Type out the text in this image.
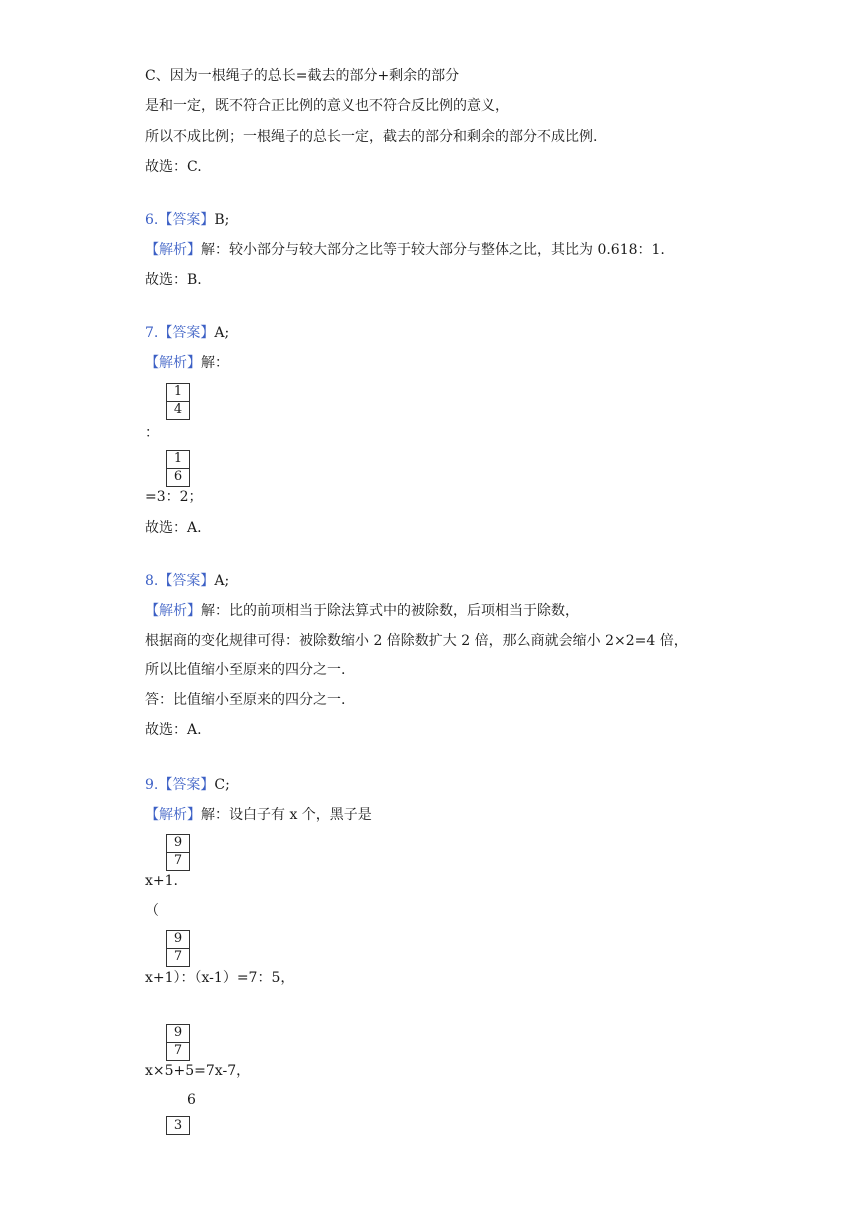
C、因为一根绳子的总长=截去的部分+剩余的部分
是和一定，既不符合正比例的意义也不符合反比例的意义，
所以不成比例；一根绳子的总长一定，截去的部分和剩余的部分不成比例.
故选：C.
6.【答案】B;
【解析】解：较小部分与较大部分之比等于较大部分与整体之比，其比为 0.618：1.
故选：B.
7.【答案】A;
【解析】解：
$\frac{1}{4}$
：
$\frac{1}{6}$
=3：2；
故选：A.
8.【答案】A;
【解析】解：比的前项相当于除法算式中的被除数，后项相当于除数，
根据商的变化规律可得：被除数缩小 2 倍除数扩大 2 倍，那么商就会缩小 2×2=4 倍，
所以比值缩小至原来的四分之一.
答：比值缩小至原来的四分之一.
故选：A.
9.【答案】C;
【解析】解：设白子有 x 个，黑子是
$\frac{9}{7}$
x+1.
（
$\frac{9}{7}$
x+1）：（x-1）=7：5，
$\frac{9}{7}$
x×5+5=7x-7，
6
3
